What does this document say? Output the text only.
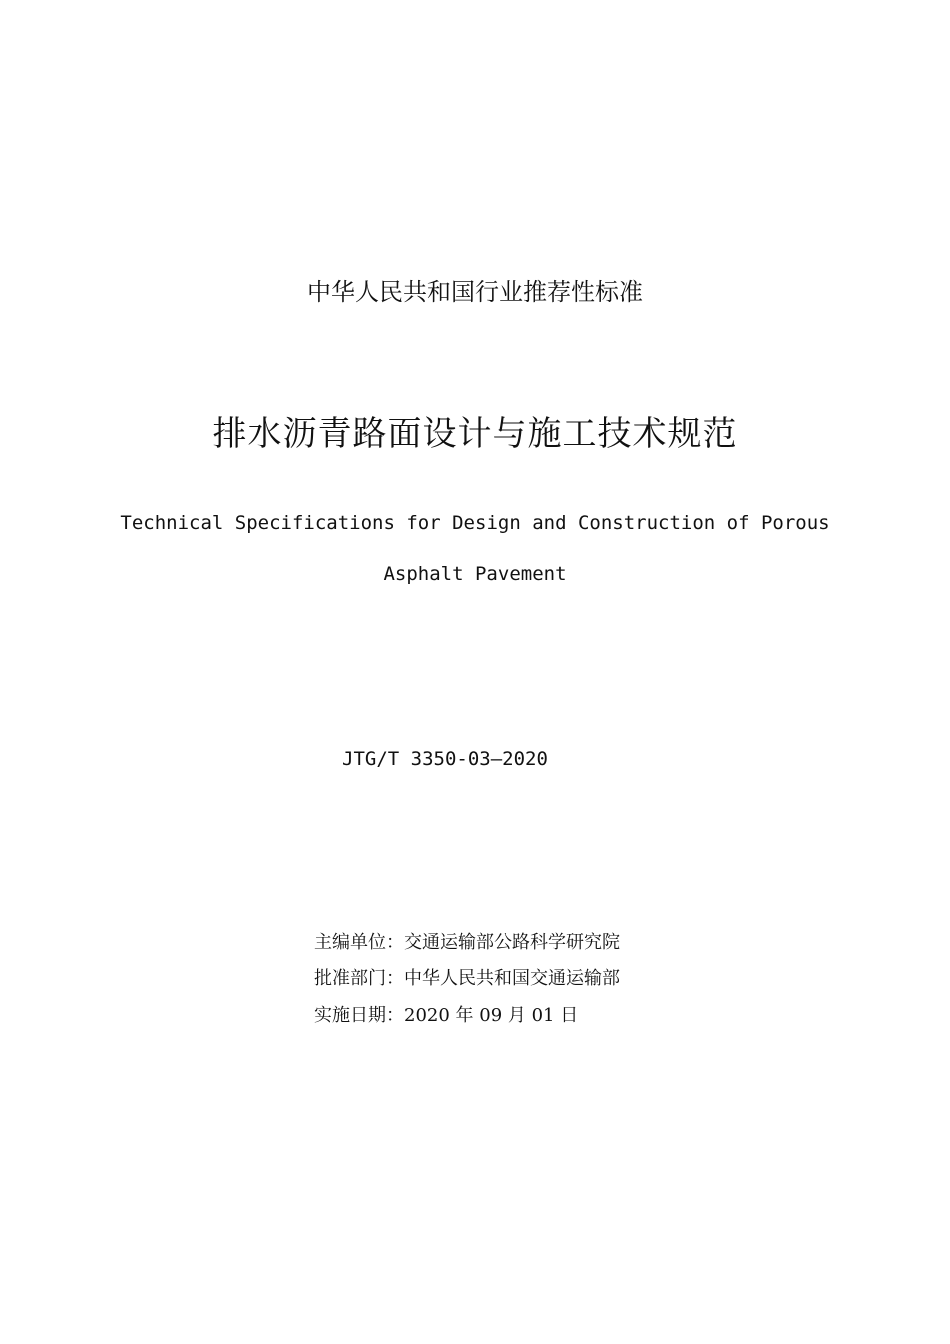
中华人民共和国行业推荐性标准
排水沥青路面设计与施工技术规范
Technical Specifications for Design and Construction of Porous
Asphalt Pavement
JTG/T 3350-03—2020
主编单位：交通运输部公路科学研究院
批准部门：中华人民共和国交通运输部
实施日期：2020 年 09 月 01 日
